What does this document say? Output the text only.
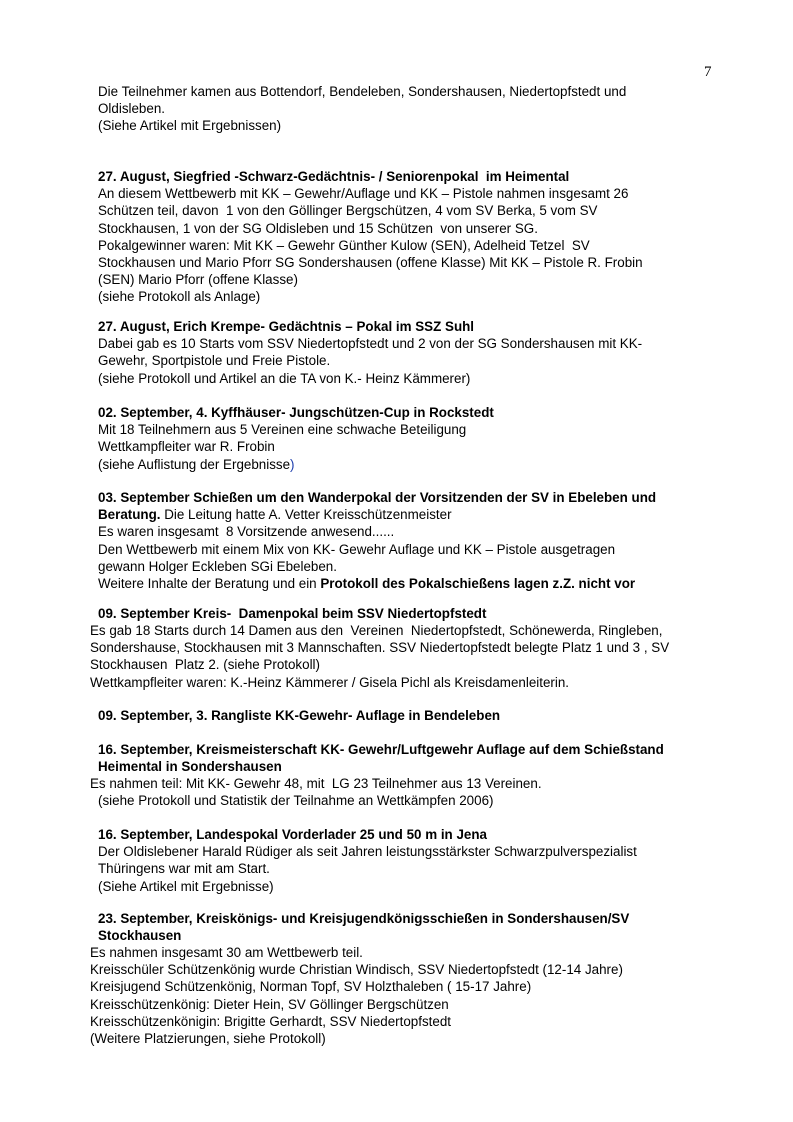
7
Die Teilnehmer kamen aus Bottendorf, Bendeleben, Sondershausen, Niedertopfstedt und
Oldisleben.
(Siehe Artikel mit Ergebnissen)
27. August, Siegfried -Schwarz-Gedächtnis- / Seniorenpokal  im Heimental
An diesem Wettbewerb mit KK – Gewehr/Auflage und KK – Pistole nahmen insgesamt 26
Schützen teil, davon  1 von den Göllinger Bergschützen, 4 vom SV Berka, 5 vom SV
Stockhausen, 1 von der SG Oldisleben und 15 Schützen  von unserer SG.
Pokalgewinner waren: Mit KK – Gewehr Günther Kulow (SEN), Adelheid Tetzel  SV
Stockhausen und Mario Pforr SG Sondershausen (offene Klasse) Mit KK – Pistole R. Frobin
(SEN) Mario Pforr (offene Klasse)
(siehe Protokoll als Anlage)
27. August, Erich Krempe- Gedächtnis – Pokal im SSZ Suhl
Dabei gab es 10 Starts vom SSV Niedertopfstedt und 2 von der SG Sondershausen mit KK-
Gewehr, Sportpistole und Freie Pistole.
(siehe Protokoll und Artikel an die TA von K.- Heinz Kämmerer)
02. September, 4. Kyffhäuser- Jungschützen-Cup in Rockstedt
Mit 18 Teilnehmern aus 5 Vereinen eine schwache Beteiligung
Wettkampfleiter war R. Frobin
(siehe Auflistung der Ergebnisse)
03. September Schießen um den Wanderpokal der Vorsitzenden der SV in Ebeleben und
Beratung. Die Leitung hatte A. Vetter Kreisschützenmeister
Es waren insgesamt  8 Vorsitzende anwesend......
Den Wettbewerb mit einem Mix von KK- Gewehr Auflage und KK – Pistole ausgetragen
gewann Holger Eckleben SGi Ebeleben.
Weitere Inhalte der Beratung und ein Protokoll des Pokalschießens lagen z.Z. nicht vor
09. September Kreis-  Damenpokal beim SSV Niedertopfstedt
Es gab 18 Starts durch 14 Damen aus den  Vereinen  Niedertopfstedt, Schönewerda, Ringleben,
Sondershause, Stockhausen mit 3 Mannschaften. SSV Niedertopfstedt belegte Platz 1 und 3 , SV
Stockhausen  Platz 2. (siehe Protokoll)
Wettkampfleiter waren: K.-Heinz Kämmerer / Gisela Pichl als Kreisdamenleiterin.
09. September, 3. Rangliste KK-Gewehr- Auflage in Bendeleben
16. September, Kreismeisterschaft KK- Gewehr/Luftgewehr Auflage auf dem Schießstand
Heimental in Sondershausen
Es nahmen teil: Mit KK- Gewehr 48, mit  LG 23 Teilnehmer aus 13 Vereinen.
(siehe Protokoll und Statistik der Teilnahme an Wettkämpfen 2006)
16. September, Landespokal Vorderlader 25 und 50 m in Jena
Der Oldislebener Harald Rüdiger als seit Jahren leistungsstärkster Schwarzpulverspezialist
Thüringens war mit am Start.
(Siehe Artikel mit Ergebnisse)
23. September, Kreiskönigs- und Kreisjugendkönigsschießen in Sondershausen/SV
Stockhausen
Es nahmen insgesamt 30 am Wettbewerb teil.
Kreisschüler Schützenkönig wurde Christian Windisch, SSV Niedertopfstedt (12-14 Jahre)
Kreisjugend Schützenkönig, Norman Topf, SV Holzthaleben ( 15-17 Jahre)
Kreisschützenkönig: Dieter Hein, SV Göllinger Bergschützen
Kreisschützenkönigin: Brigitte Gerhardt, SSV Niedertopfstedt
(Weitere Platzierungen, siehe Protokoll)
